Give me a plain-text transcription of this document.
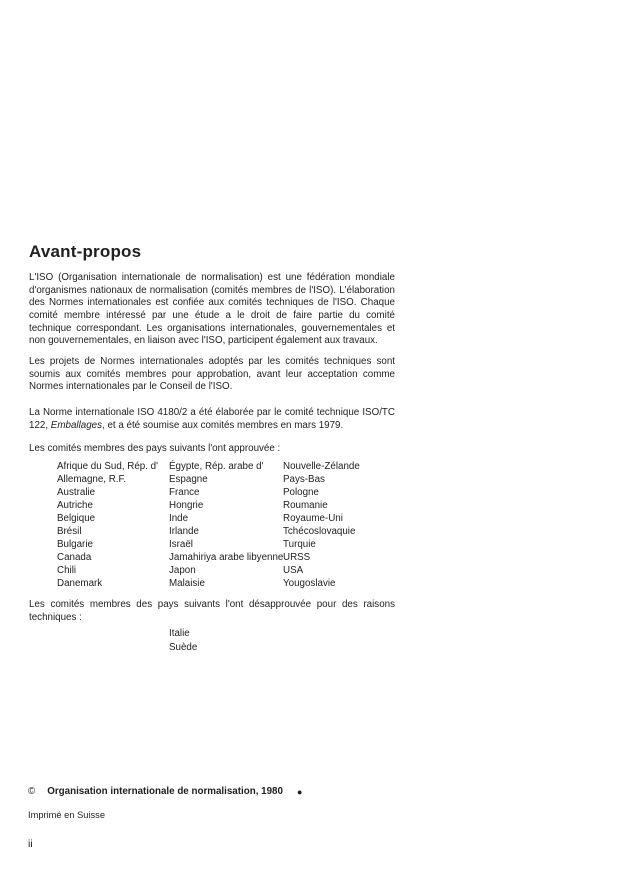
Avant-propos

L'ISO (Organisation internationale de normalisation) est une fédération mondiale d'organismes nationaux de normalisation (comités membres de l'ISO). L'élaboration des Normes internationales est confiée aux comités techniques de l'ISO. Chaque comité membre intéressé par une étude a le droit de faire partie du comité technique correspondant. Les organisations internationales, gouvernementales et non gouvernementales, en liaison avec l'ISO, participent également aux travaux.

Les projets de Normes internationales adoptés par les comités techniques sont soumis aux comités membres pour approbation, avant leur acceptation comme Normes internationales par le Conseil de l'ISO.

La Norme internationale ISO 4180/2 a été élaborée par le comité technique ISO/TC 122, Emballages, et a été soumise aux comités membres en mars 1979.

Les comités membres des pays suivants l'ont approuvée :

Afrique du Sud, Rép. d'
Allemagne, R.F.
Australie
Autriche
Belgique
Brésil
Bulgarie
Canada
Chili
Danemark
Égypte, Rép. arabe d'
Espagne
France
Hongrie
Inde
Irlande
Israël
Jamahiriya arabe libyenne
Japon
Malaisie
Nouvelle-Zélande
Pays-Bas
Pologne
Roumanie
Royaume-Uni
Tchécoslovaquie
Turquie
URSS
USA
Yougoslavie

Les comités membres des pays suivants l'ont désapprouvée pour des raisons techniques :

Italie
Suède
© Organisation internationale de normalisation, 1980 ●
Imprimé en Suisse
ii
